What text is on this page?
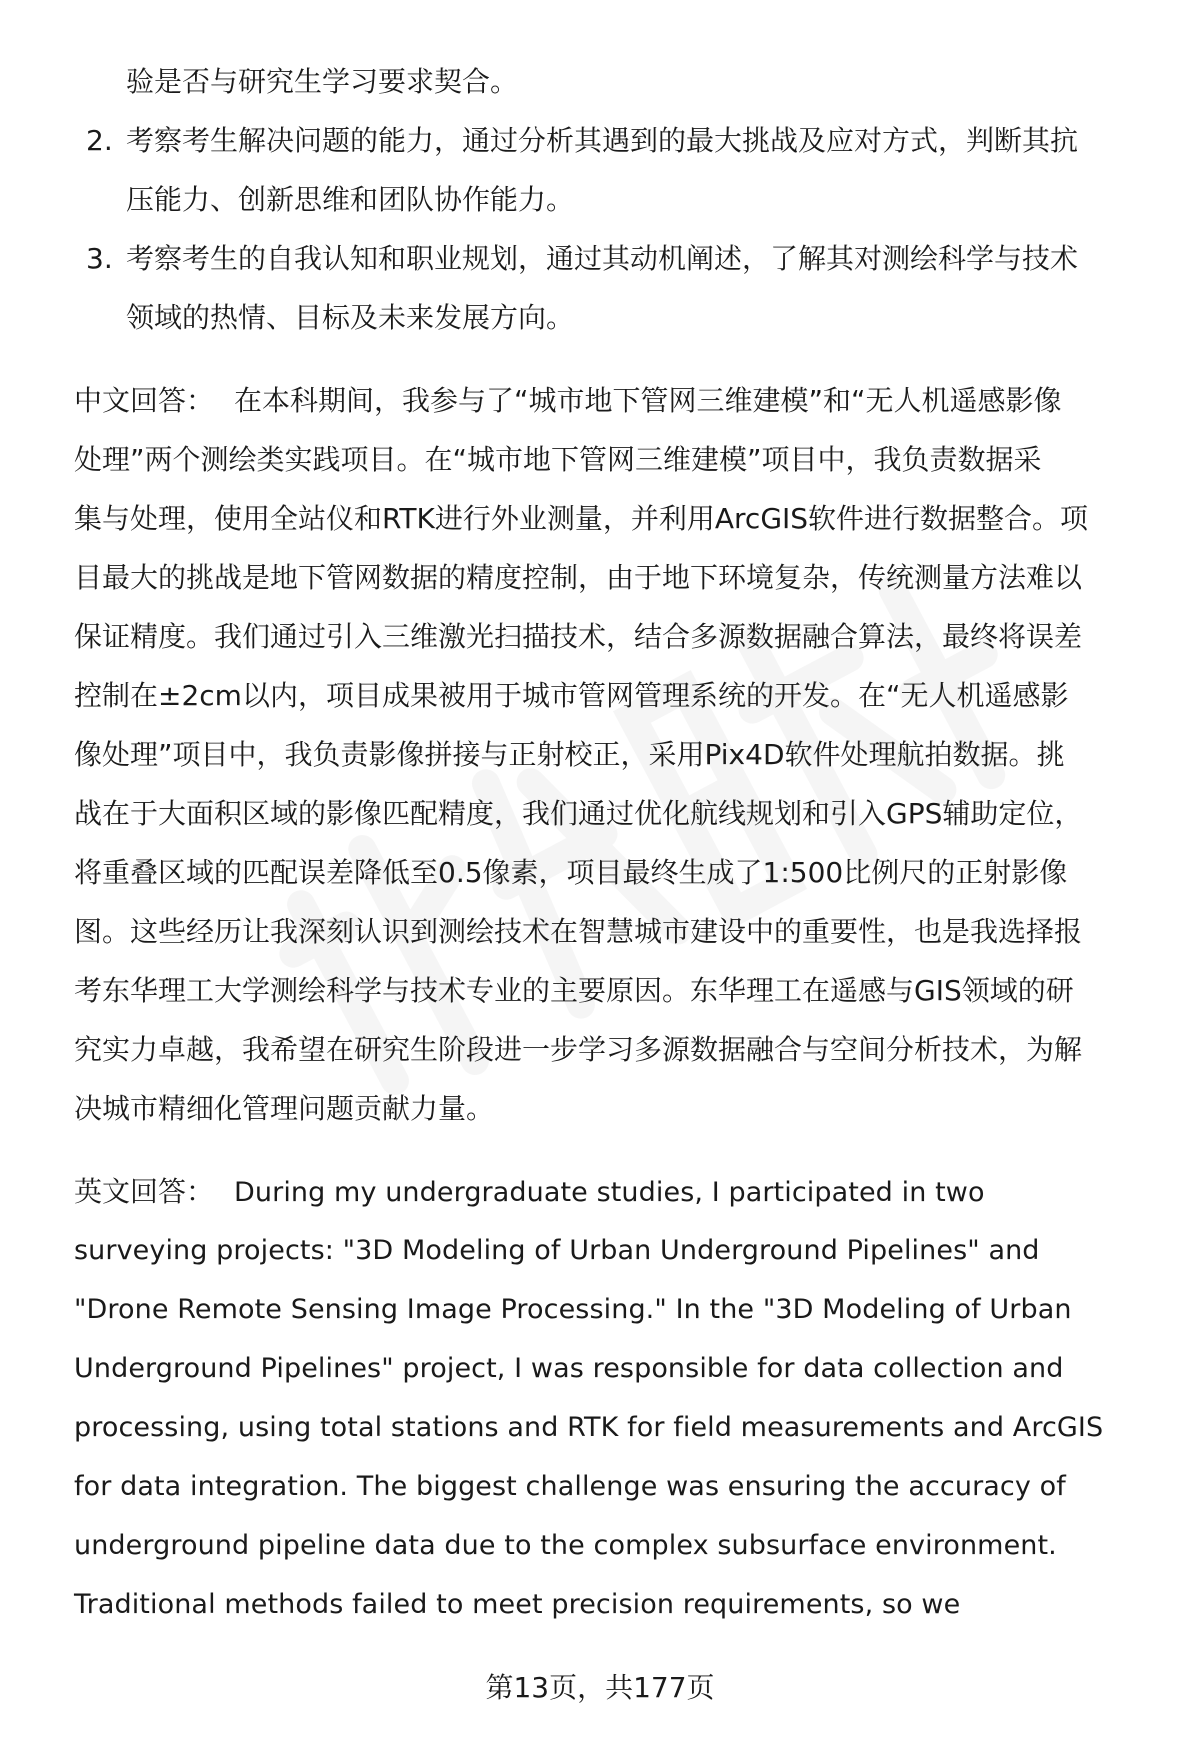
验是否与研究生学习要求契合。
2. 考察考生解决问题的能力，通过分析其遇到的最大挑战及应对方式，判断其抗
压能力、创新思维和团队协作能力。
3. 考察考生的自我认知和职业规划，通过其动机阐述，了解其对测绘科学与技术
领域的热情、目标及未来发展方向。
中文回答： 在本科期间，我参与了“城市地下管网三维建模”和“无人机遥感影像
处理”两个测绘类实践项目。在“城市地下管网三维建模”项目中，我负责数据采
集与处理，使用全站仪和RTK进行外业测量，并利用ArcGIS软件进行数据整合。项
目最大的挑战是地下管网数据的精度控制，由于地下环境复杂，传统测量方法难以
保证精度。我们通过引入三维激光扫描技术，结合多源数据融合算法，最终将误差
控制在±2cm以内，项目成果被用于城市管网管理系统的开发。在“无人机遥感影
像处理”项目中，我负责影像拼接与正射校正，采用Pix4D软件处理航拍数据。挑
战在于大面积区域的影像匹配精度，我们通过优化航线规划和引入GPS辅助定位，
将重叠区域的匹配误差降低至0.5像素，项目最终生成了1:500比例尺的正射影像
图。这些经历让我深刻认识到测绘技术在智慧城市建设中的重要性，也是我选择报
考东华理工大学测绘科学与技术专业的主要原因。东华理工在遥感与GIS领域的研
究实力卓越，我希望在研究生阶段进一步学习多源数据融合与空间分析技术，为解
决城市精细化管理问题贡献力量。
英文回答： During my undergraduate studies, I participated in two
surveying projects: "3D Modeling of Urban Underground Pipelines" and
"Drone Remote Sensing Image Processing." In the "3D Modeling of Urban
Underground Pipelines" project, I was responsible for data collection and
processing, using total stations and RTK for field measurements and ArcGIS
for data integration. The biggest challenge was ensuring the accuracy of
underground pipeline data due to the complex subsurface environment.
Traditional methods failed to meet precision requirements, so we
第13页，共177页
